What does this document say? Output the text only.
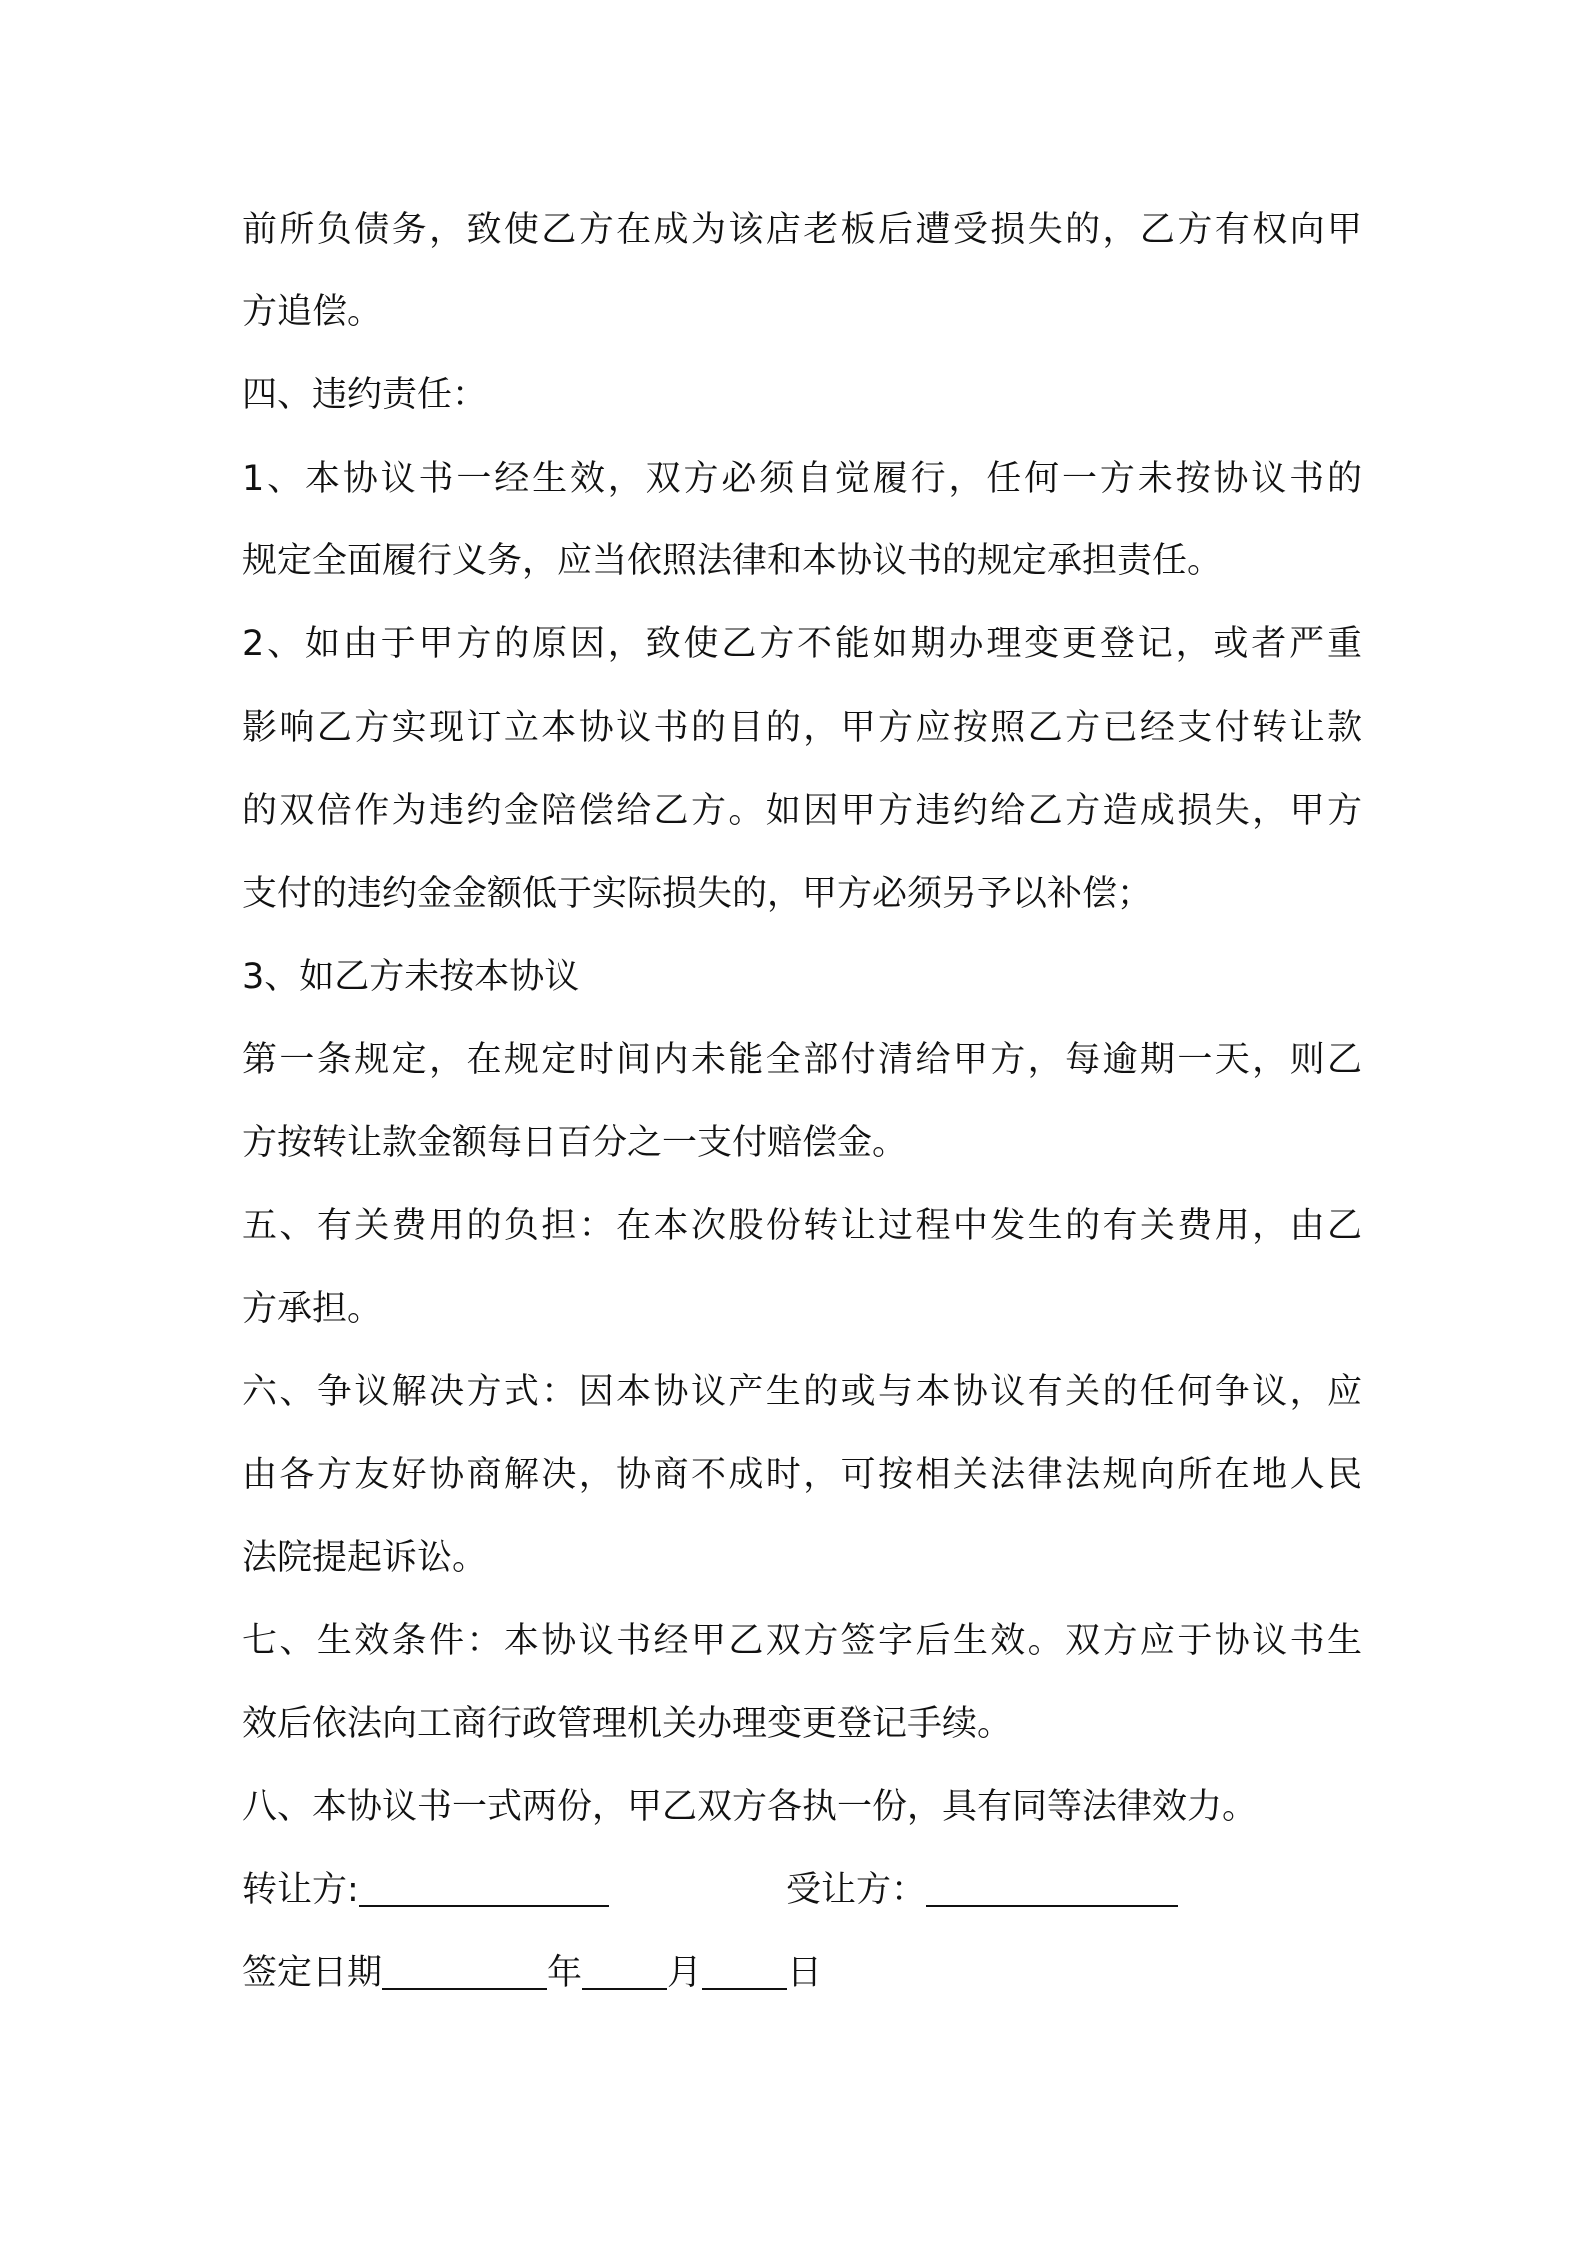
前所负债务，致使乙方在成为该店老板后遭受损失的，乙方有权向甲
方追偿。
四、违约责任：
1、本协议书一经生效，双方必须自觉履行，任何一方未按协议书的
规定全面履行义务，应当依照法律和本协议书的规定承担责任。
2、如由于甲方的原因，致使乙方不能如期办理变更登记，或者严重
影响乙方实现订立本协议书的目的，甲方应按照乙方已经支付转让款
的双倍作为违约金陪偿给乙方。如因甲方违约给乙方造成损失，甲方
支付的违约金金额低于实际损失的，甲方必须另予以补偿；
3、如乙方未按本协议
第一条规定，在规定时间内未能全部付清给甲方，每逾期一天，则乙
方按转让款金额每日百分之一支付赔偿金。
五、有关费用的负担：在本次股份转让过程中发生的有关费用，由乙
方承担。
六、争议解决方式：因本协议产生的或与本协议有关的任何争议，应
由各方友好协商解决，协商不成时，可按相关法律法规向所在地人民
法院提起诉讼。
七、生效条件：本协议书经甲乙双方签字后生效。双方应于协议书生
效后依法向工商行政管理机关办理变更登记手续。
八、本协议书一式两份，甲乙双方各执一份，具有同等法律效力。
转让方:	受让方：
签定日期	年 月 日
